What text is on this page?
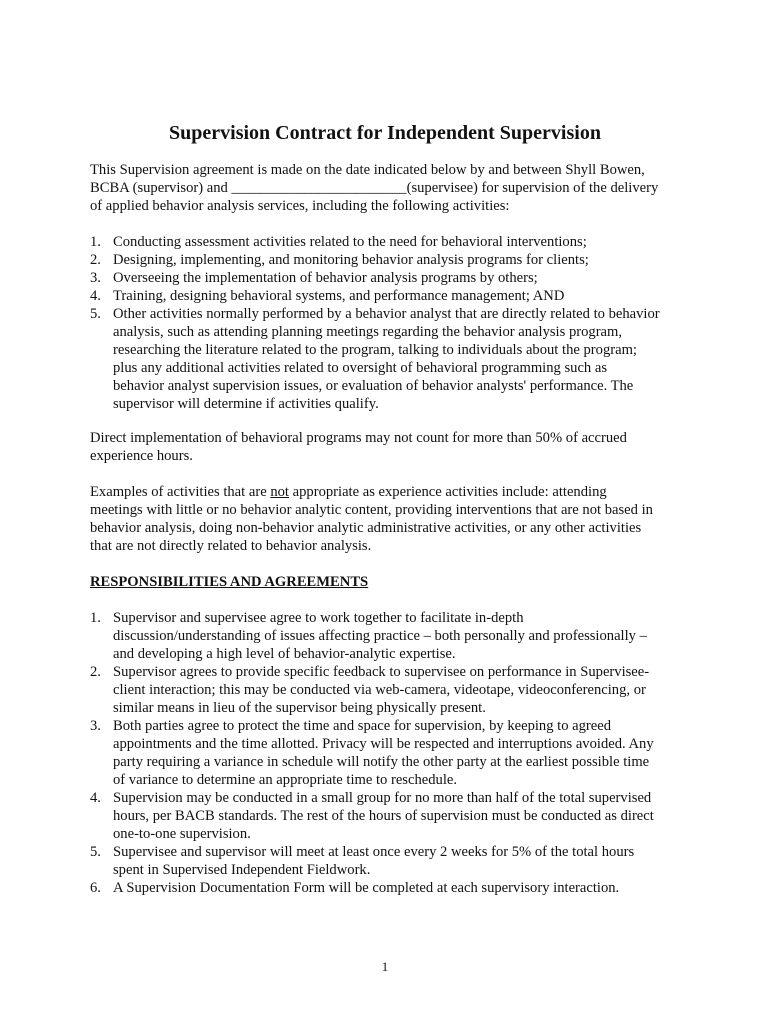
Supervision Contract for Independent Supervision

This Supervision agreement is made on the date indicated below by and between Shyll Bowen,
BCBA (supervisor) and ________________________(supervisee) for supervision of the delivery
of applied behavior analysis services, including the following activities:

1. Conducting assessment activities related to the need for behavioral interventions;
2. Designing, implementing, and monitoring behavior analysis programs for clients;
3. Overseeing the implementation of behavior analysis programs by others;
4. Training, designing behavioral systems, and performance management; AND
5. Other activities normally performed by a behavior analyst that are directly related to behavior
analysis, such as attending planning meetings regarding the behavior analysis program,
researching the literature related to the program, talking to individuals about the program;
plus any additional activities related to oversight of behavioral programming such as
behavior analyst supervision issues, or evaluation of behavior analysts' performance. The
supervisor will determine if activities qualify.

Direct implementation of behavioral programs may not count for more than 50% of accrued
experience hours.

Examples of activities that are not appropriate as experience activities include: attending
meetings with little or no behavior analytic content, providing interventions that are not based in
behavior analysis, doing non-behavior analytic administrative activities, or any other activities
that are not directly related to behavior analysis.

RESPONSIBILITIES AND AGREEMENTS
1. Supervisor and supervisee agree to work together to facilitate in-depth
discussion/understanding of issues affecting practice – both personally and professionally –
and developing a high level of behavior-analytic expertise.
2. Supervisor agrees to provide specific feedback to supervisee on performance in Supervisee-
client interaction; this may be conducted via web-camera, videotape, videoconferencing, or
similar means in lieu of the supervisor being physically present.
3. Both parties agree to protect the time and space for supervision, by keeping to agreed
appointments and the time allotted. Privacy will be respected and interruptions avoided. Any
party requiring a variance in schedule will notify the other party at the earliest possible time
of variance to determine an appropriate time to reschedule.
4. Supervision may be conducted in a small group for no more than half of the total supervised
hours, per BACB standards. The rest of the hours of supervision must be conducted as direct
one-to-one supervision.
5. Supervisee and supervisor will meet at least once every 2 weeks for 5% of the total hours
spent in Supervised Independent Fieldwork.
6. A Supervision Documentation Form will be completed at each supervisory interaction.
1
